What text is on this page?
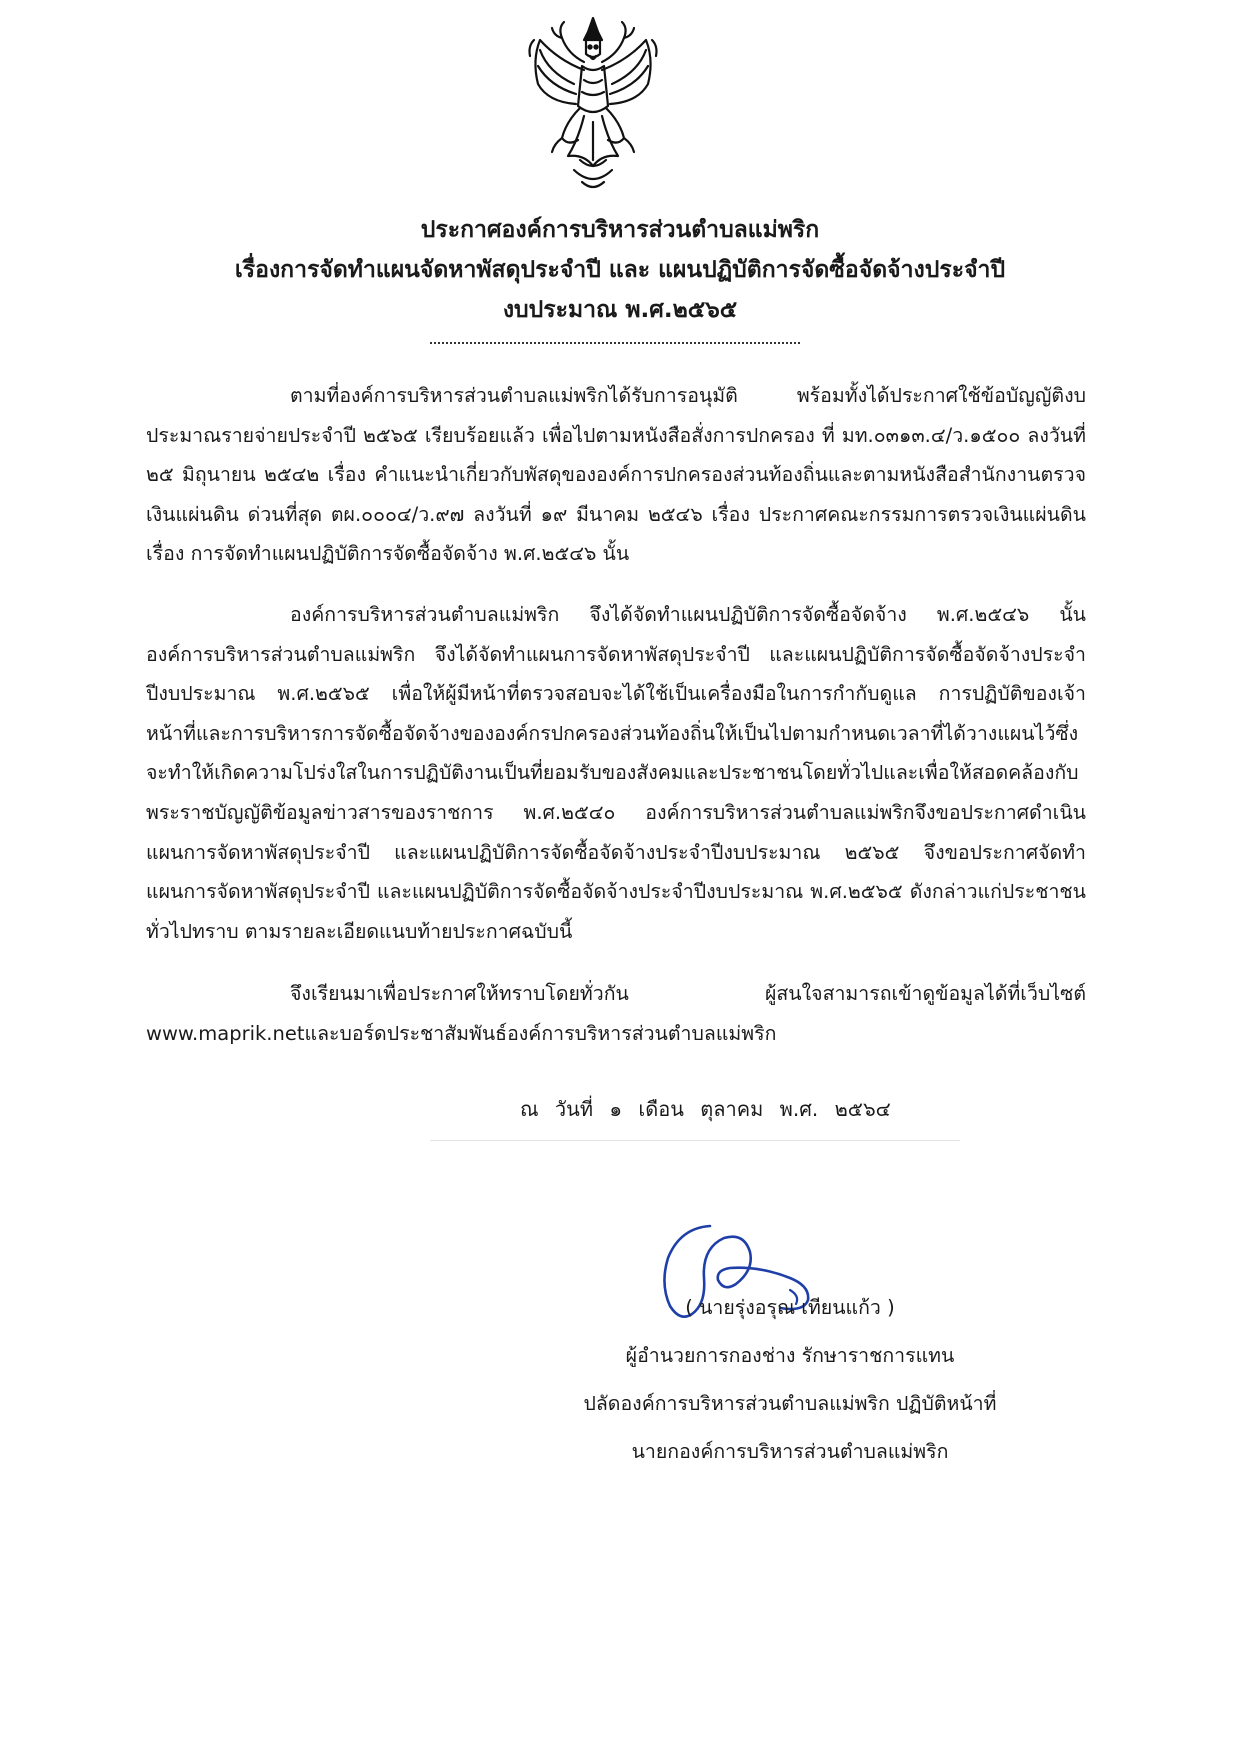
ประกาศองค์การบริหารส่วนตำบลแม่พริก
เรื่องการจัดทำแผนจัดหาพัสดุประจำปี และ แผนปฏิบัติการจัดซื้อจัดจ้างประจำปี
งบประมาณ พ.ศ.๒๕๖๕
ตามที่องค์การบริหารส่วนตำบลแม่พริกได้รับการอนุมัติ พร้อมทั้งได้ประกาศใช้ข้อบัญญัติงบประมาณรายจ่ายประจำปี ๒๕๖๕ เรียบร้อยแล้ว เพื่อไปตามหนังสือสั่งการปกครอง ที่ มท.๐๓๑๓.๔/ว.๑๕๐๐ ลงวันที่ ๒๕ มิถุนายน ๒๕๔๒ เรื่อง คำแนะนำเกี่ยวกับพัสดุขององค์การปกครองส่วนท้องถิ่นและตามหนังสือสำนักงานตรวจเงินแผ่นดิน ด่วนที่สุด ตผ.๐๐๐๔/ว.๙๗ ลงวันที่ ๑๙ มีนาคม ๒๕๔๖ เรื่อง ประกาศคณะกรรมการตรวจเงินแผ่นดิน เรื่อง การจัดทำแผนปฏิบัติการจัดซื้อจัดจ้าง พ.ศ.๒๕๔๖ นั้น
องค์การบริหารส่วนตำบลแม่พริก จึงได้จัดทำแผนปฏิบัติการจัดซื้อจัดจ้าง พ.ศ.๒๕๔๖ นั้น องค์การบริหารส่วนตำบลแม่พริก จึงได้จัดทำแผนการจัดหาพัสดุประจำปี และแผนปฏิบัติการจัดซื้อจัดจ้างประจำปีงบประมาณ พ.ศ.๒๕๖๕ เพื่อให้ผู้มีหน้าที่ตรวจสอบจะได้ใช้เป็นเครื่องมือในการกำกับดูแล การปฏิบัติของเจ้าหน้าที่และการบริหารการจัดซื้อจัดจ้างขององค์กรปกครองส่วนท้องถิ่นให้เป็นไปตามกำหนดเวลาที่ได้วางแผนไว้ซึ่งจะทำให้เกิดความโปร่งใสในการปฏิบัติงานเป็นที่ยอมรับของสังคมและประชาชนโดยทั่วไปและเพื่อให้สอดคล้องกับพระราชบัญญัติข้อมูลข่าวสารของราชการ พ.ศ.๒๕๔๐ องค์การบริหารส่วนตำบลแม่พริกจึงขอประกาศดำเนินแผนการจัดหาพัสดุประจำปี และแผนปฏิบัติการจัดซื้อจัดจ้างประจำปีงบประมาณ ๒๕๖๕ จึงขอประกาศจัดทำแผนการจัดหาพัสดุประจำปี และแผนปฏิบัติการจัดซื้อจัดจ้างประจำปีงบประมาณ พ.ศ.๒๕๖๕ ดังกล่าวแก่ประชาชนทั่วไปทราบ ตามรายละเอียดแนบท้ายประกาศฉบับนี้
จึงเรียนมาเพื่อประกาศให้ทราบโดยทั่วกัน ผู้สนใจสามารถเข้าดูข้อมูลได้ที่เว็บไซต์ www.maprik.netและบอร์ดประชาสัมพันธ์องค์การบริหารส่วนตำบลแม่พริก
ณ วันที่ ๑ เดือน ตุลาคม พ.ศ. ๒๕๖๔
( นายรุ่งอรุณ เทียนแก้ว )
ผู้อำนวยการกองช่าง รักษาราชการแทน
ปลัดองค์การบริหารส่วนตำบลแม่พริก ปฏิบัติหน้าที่
นายกองค์การบริหารส่วนตำบลแม่พริก
